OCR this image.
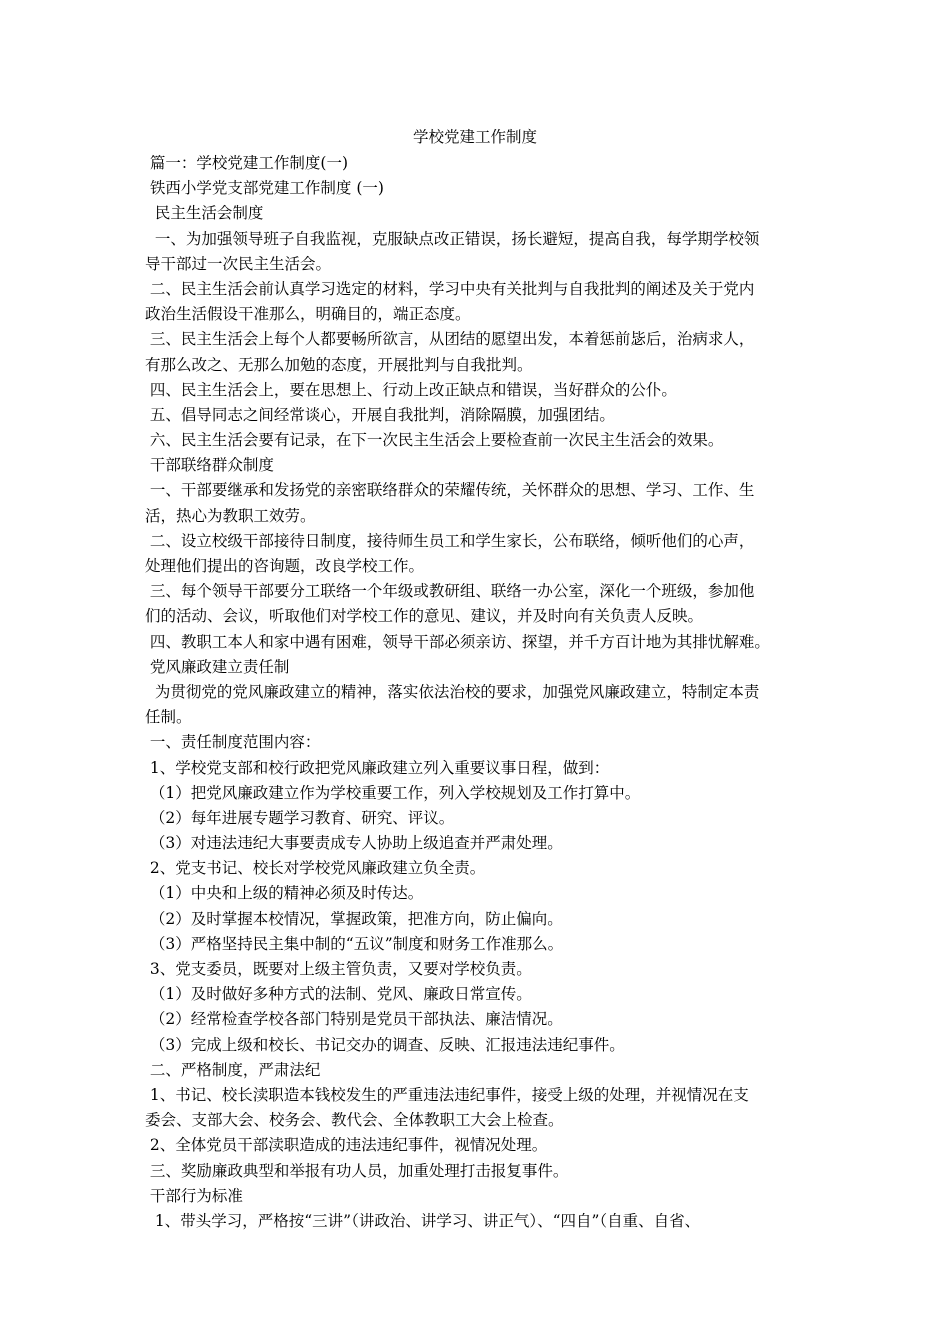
学校党建工作制度
篇一：学校党建工作制度(一)
铁西小学党支部党建工作制度 (一)
民主生活会制度
一、为加强领导班子自我监视，克服缺点改正错误，扬长避短，提高自我，每学期学校领
导干部过一次民主生活会。
二、民主生活会前认真学习选定的材料，学习中央有关批判与自我批判的阐述及关于党内
政治生活假设干准那么，明确目的，端正态度。
三、民主生活会上每个人都要畅所欲言，从团结的愿望出发，本着惩前毖后，治病求人，
有那么改之、无那么加勉的态度，开展批判与自我批判。
四、民主生活会上，要在思想上、行动上改正缺点和错误，当好群众的公仆。
五、倡导同志之间经常谈心，开展自我批判，消除隔膜，加强团结。
六、民主生活会要有记录，在下一次民主生活会上要检查前一次民主生活会的效果。
干部联络群众制度
一、干部要继承和发扬党的亲密联络群众的荣耀传统，关怀群众的思想、学习、工作、生
活，热心为教职工效劳。
二、设立校级干部接待日制度，接待师生员工和学生家长，公布联络，倾听他们的心声，
处理他们提出的咨询题，改良学校工作。
三、每个领导干部要分工联络一个年级或教研组、联络一办公室，深化一个班级，参加他
们的活动、会议，听取他们对学校工作的意见、建议，并及时向有关负责人反映。
四、教职工本人和家中遇有困难，领导干部必须亲访、探望，并千方百计地为其排忧解难。
党风廉政建立责任制
为贯彻党的党风廉政建立的精神，落实依法治校的要求，加强党风廉政建立，特制定本责
任制。
一、责任制度范围内容：
1、学校党支部和校行政把党风廉政建立列入重要议事日程，做到：
（1）把党风廉政建立作为学校重要工作，列入学校规划及工作打算中。
（2）每年进展专题学习教育、研究、评议。
（3）对违法违纪大事要责成专人协助上级追查并严肃处理。
2、党支书记、校长对学校党风廉政建立负全责。
（1）中央和上级的精神必须及时传达。
（2）及时掌握本校情况，掌握政策，把准方向，防止偏向。
（3）严格坚持民主集中制的“五议”制度和财务工作准那么。
3、党支委员，既要对上级主管负责，又要对学校负责。
（1）及时做好多种方式的法制、党风、廉政日常宣传。
（2）经常检查学校各部门特别是党员干部执法、廉洁情况。
（3）完成上级和校长、书记交办的调查、反映、汇报违法违纪事件。
二、严格制度，严肃法纪
1、书记、校长渎职造本钱校发生的严重违法违纪事件，接受上级的处理，并视情况在支
委会、支部大会、校务会、教代会、全体教职工大会上检查。
2、全体党员干部渎职造成的违法违纪事件，视情况处理。
三、奖励廉政典型和举报有功人员，加重处理打击报复事件。
干部行为标准
1、带头学习，严格按“三讲”（讲政治、讲学习、讲正气）、“四自”（自重、自省、
